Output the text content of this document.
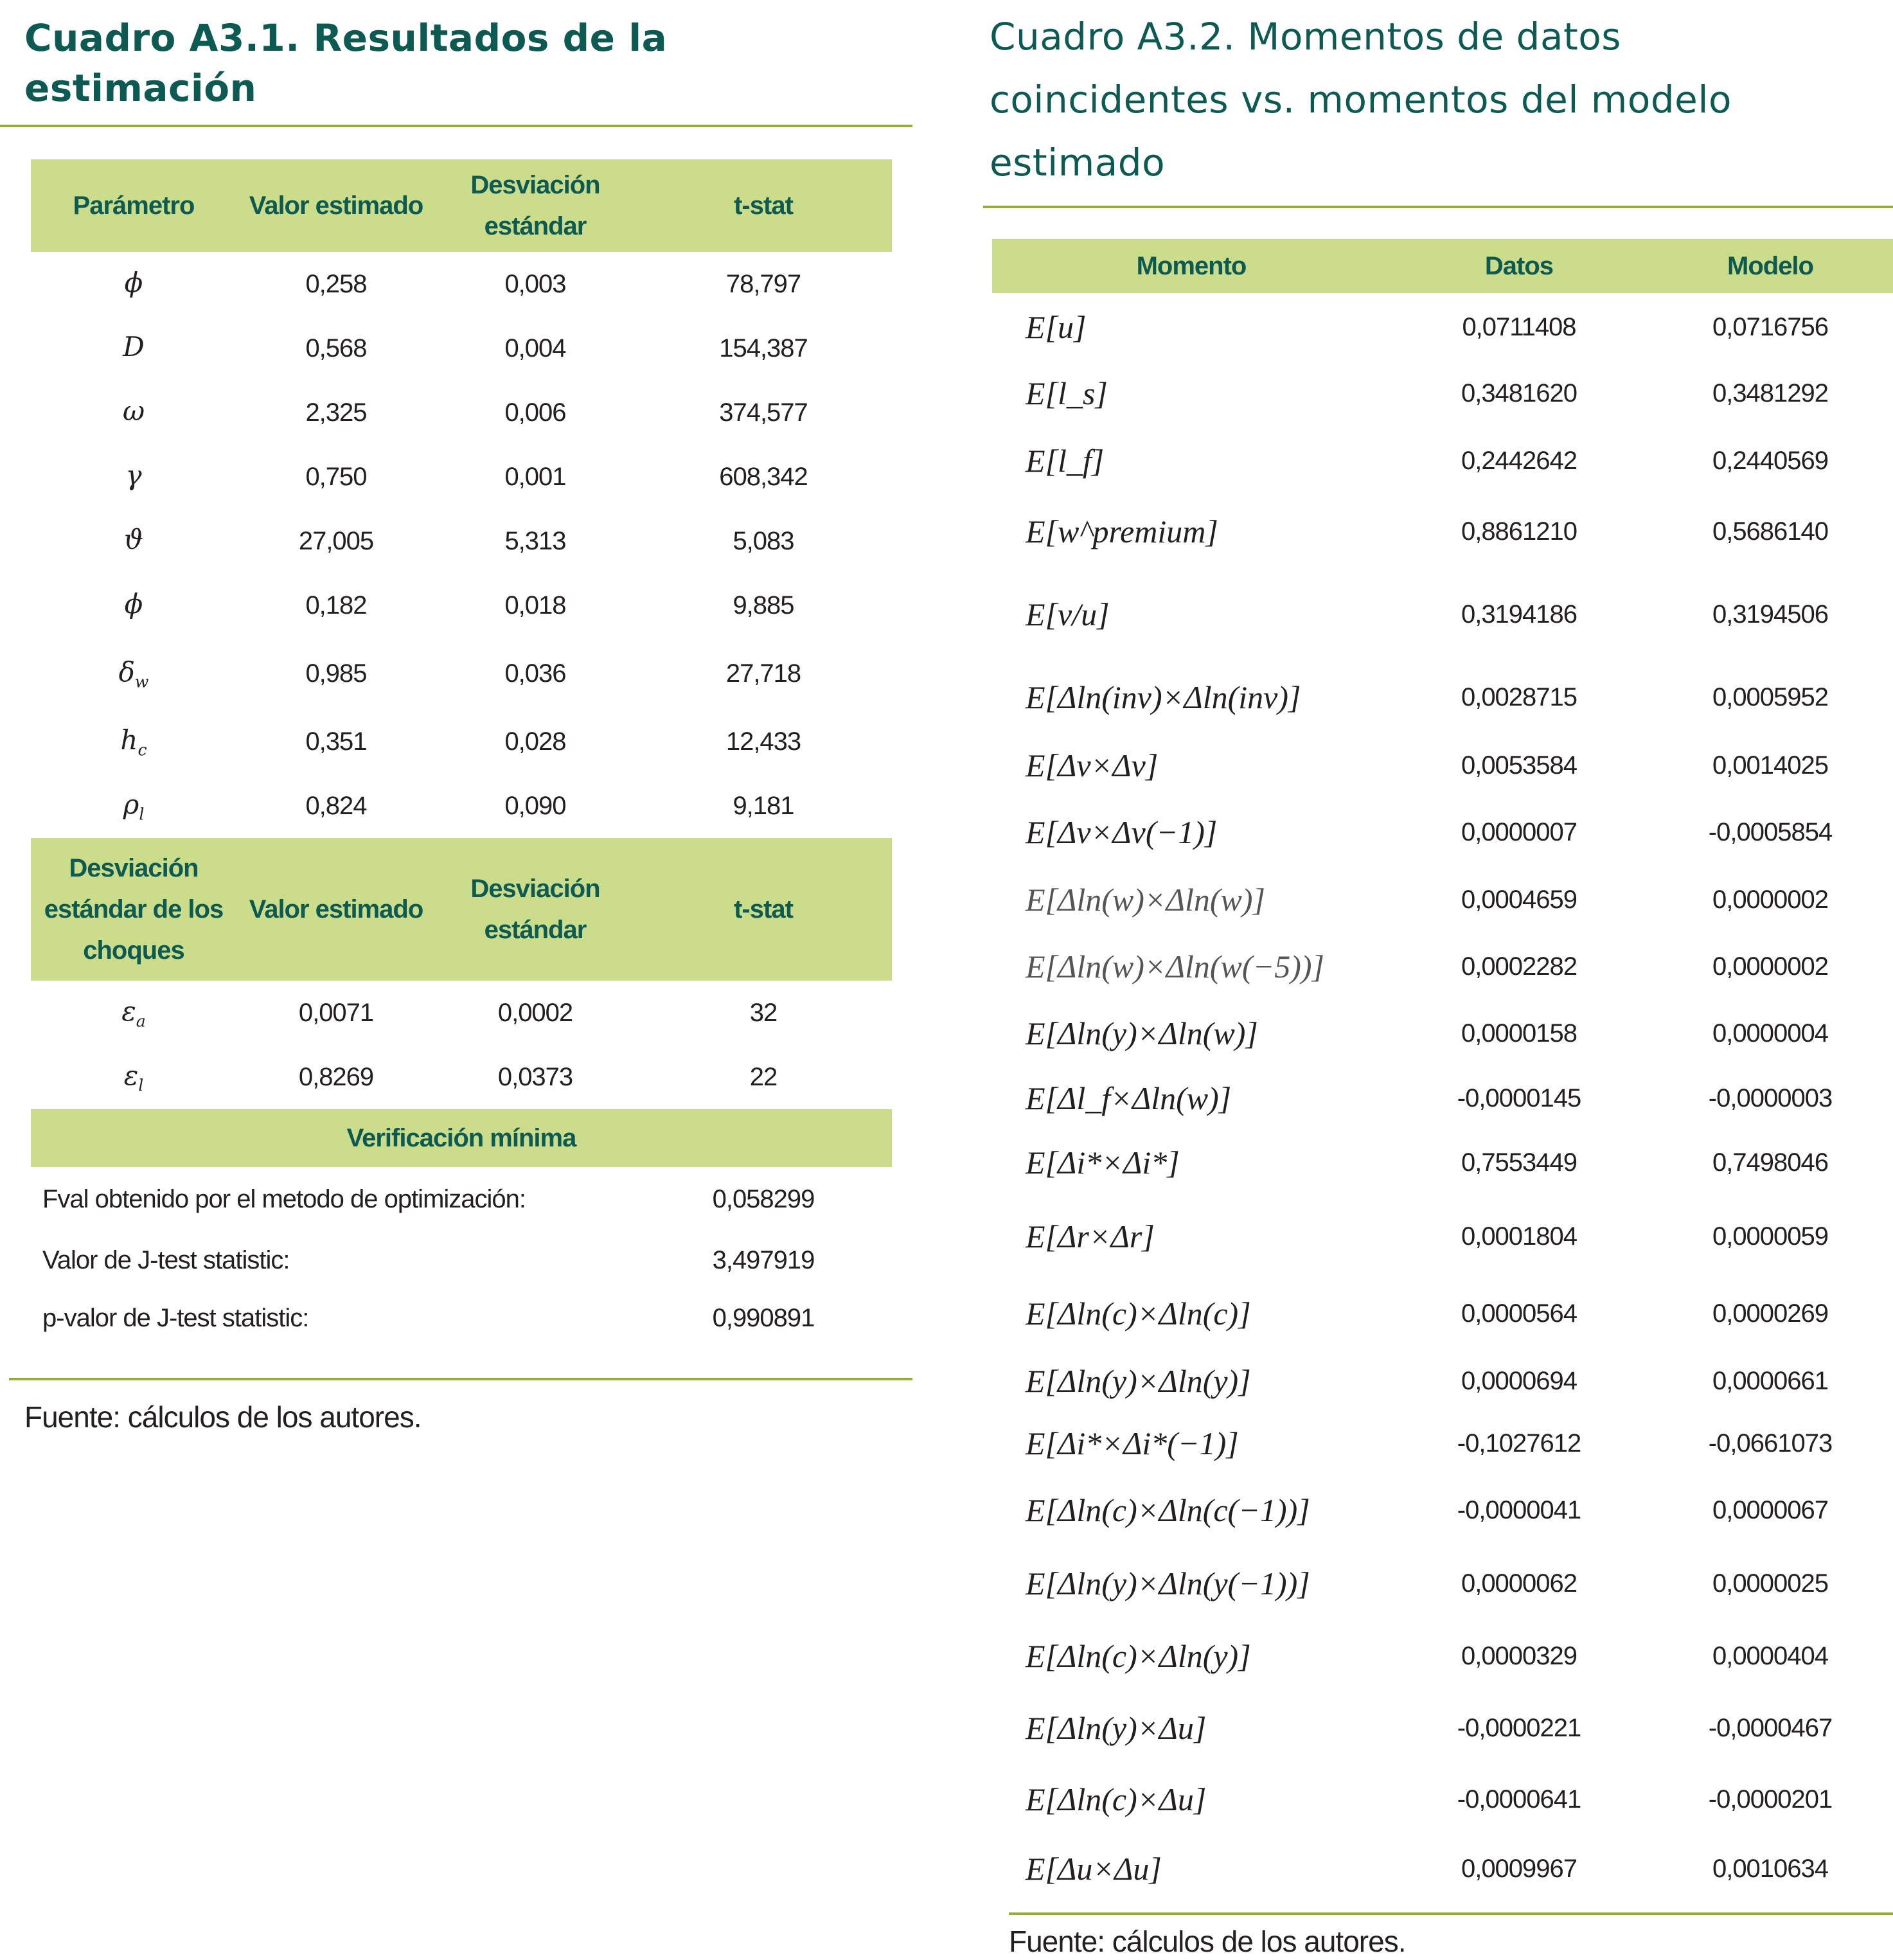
Cuadro A3.1. Resultados de la estimación
Parámetro	Valor estimado	Desviación estándar	t-stat
ϕ	0,258	0,003	78,797
D	0,568	0,004	154,387
ω	2,325	0,006	374,577
γ	0,750	0,001	608,342
ϑ	27,005	5,313	5,083
ϕ	0,182	0,018	9,885
$\delta_w$	0,985	0,036	27,718
$h_c$	0,351	0,028	12,433
$\rho_l$	0,824	0,090	9,181
Desviación estándar de los choques	Valor estimado	Desviación estándar	t-stat
$\varepsilon_a$	0,0071	0,0002	32
$\varepsilon_l$	0,8269	0,0373	22
Verificación mínima			
Fval obtenido por el metodo de optimización:			0,058299
Valor de J-test statistic:			3,497919
p-valor de J-test statistic:			0,990891
Fuente: cálculos de los autores.
Cuadro A3.2. Momentos de datos
coincidentes vs. momentos del modelo
estimado
Momento	Datos	Modelo
E[u]	0,0711408	0,0716756
E[l_s]	0,3481620	0,3481292
E[l_f]	0,2442642	0,2440569
E[w^premium]	0,8861210	0,5686140
E[v/u]	0,3194186	0,3194506
E[Δln(inv)×Δln(inv)]	0,0028715	0,0005952
E[Δv×Δv]	0,0053584	0,0014025
E[Δv×Δv(−1)]	0,0000007	-0,0005854
E[Δln(w)×Δln(w)]	0,0004659	0,0000002
E[Δln(w)×Δln(w(−5))]	0,0002282	0,0000002
E[Δln(y)×Δln(w)]	0,0000158	0,0000004
E[Δl_f×Δln(w)]	-0,0000145	-0,0000003
E[Δi*×Δi*]	0,7553449	0,7498046
E[Δr×Δr]	0,0001804	0,0000059
E[Δln(c)×Δln(c)]	0,0000564	0,0000269
E[Δln(y)×Δln(y)]	0,0000694	0,0000661
E[Δi*×Δi*(−1)]	-0,1027612	-0,0661073
E[Δln(c)×Δln(c(−1))]	-0,0000041	0,0000067
E[Δln(y)×Δln(y(−1))]	0,0000062	0,0000025
E[Δln(c)×Δln(y)]	0,0000329	0,0000404
E[Δln(y)×Δu]	-0,0000221	-0,0000467
E[Δln(c)×Δu]	-0,0000641	-0,0000201
E[Δu×Δu]	0,0009967	0,0010634
Fuente: cálculos de los autores.
